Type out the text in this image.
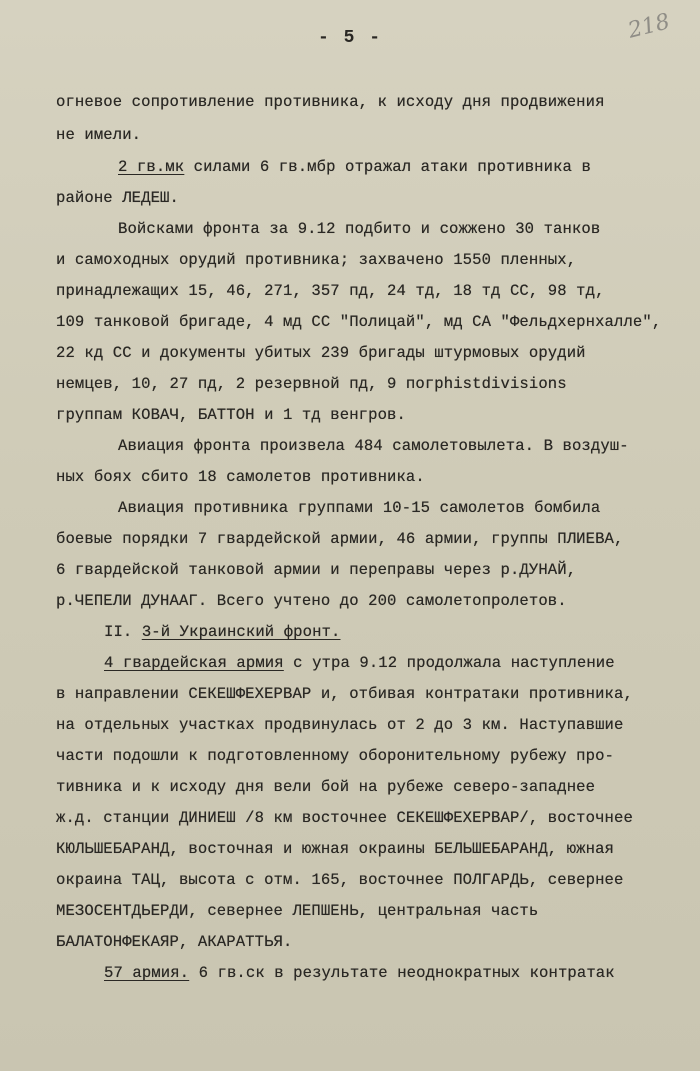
- 5 -	218
огневое сопротивление противника, к исходу дня продвижения
не имели.
2 гв.мк силами 6 гв.мбр отражал атаки противника в
районе ЛЕДЕШ.
Войсками фронта за 9.12 подбито и сожжено 30 танков
и самоходных орудий противника; захвачено 1550 пленных,
принадлежащих 15, 46, 271, 357 пд, 24 тд, 18 тд СС, 98 тд,
109 танковой бригаде, 4 мд СС "Полицай", мд СА "Фельдхернхалле",
22 кд СС и документы убитых 239 бригады штурмовых орудий
немцев, 10, 27 пд, 2 резервной пд, 9 погрhistdivisions
группам КОВАЧ, БАТТОН и 1 тд венгров.
Авиация фронта произвела 484 самолетовылета. В воздуш-
ных боях сбито 18 самолетов противника.
Авиация противника группами 10-15 самолетов бомбила
боевые порядки 7 гвардейской армии, 46 армии, группы ПЛИЕВА,
6 гвардейской танковой армии и переправы через р.ДУНАЙ,
р.ЧЕПЕЛИ ДУНААГ. Всего учтено до 200 самолетопролетов.
II. 3-й Украинский фронт.
4 гвардейская армия с утра 9.12 продолжала наступление
в направлении СЕКЕШФЕХЕРВАР и, отбивая контратаки противника,
на отдельных участках продвинулась от 2 до 3 км. Наступавшие
части подошли к подготовленному оборонительному рубежу про-
тивника и к исходу дня вели бой на рубеже северо-западнее
ж.д. станции ДИНИЕШ /8 км восточнее СЕКЕШФЕХЕРВАР/, восточнее
КЮЛЬШЕБАРАНД, восточная и южная окраины БЕЛЬШЕБАРАНД, южная
окраина ТАЦ, высота с отм. 165, восточнее ПОЛГАРДЬ, севернее
МЕЗОСЕНТДЬЕРДИ, севернее ЛЕПШЕНЬ, центральная часть
БАЛАТОНФЕКАЯР, АКАРАТТЬЯ.
57 армия. 6 гв.ск в результате неоднократных контратак
